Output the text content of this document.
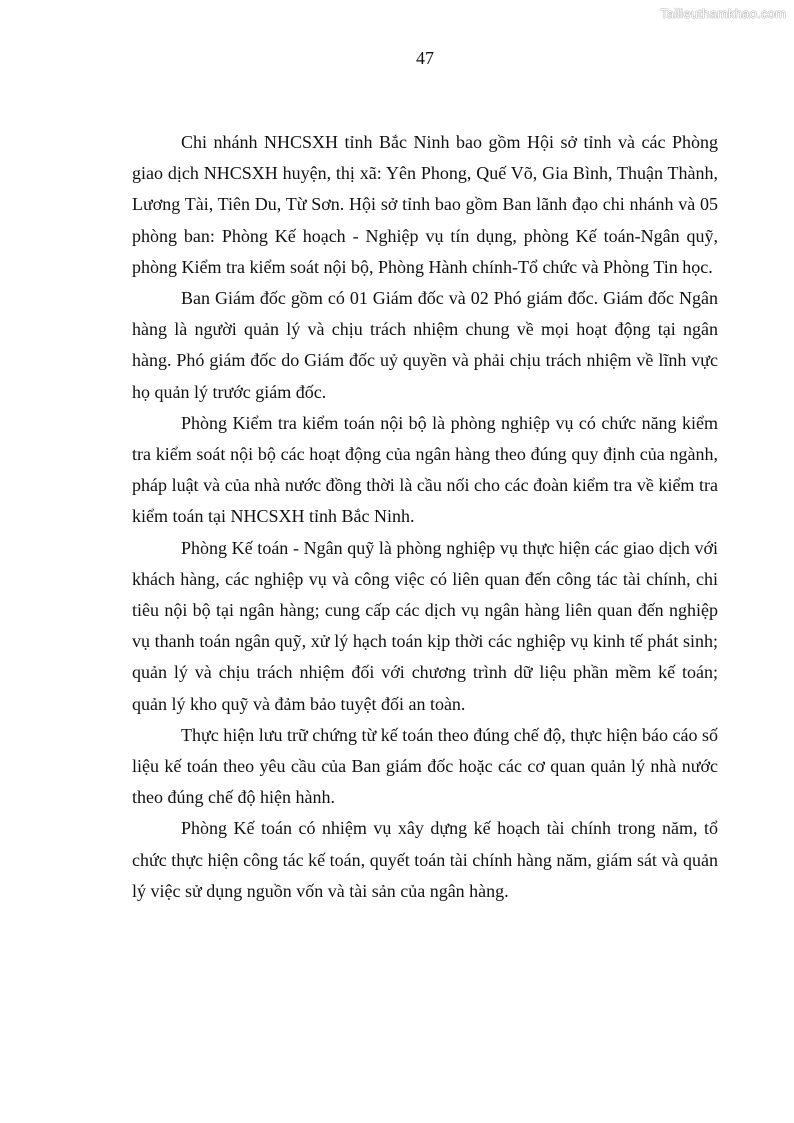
Tailieuthamkhao.com
47

Chi nhánh NHCSXH tỉnh Bắc Ninh bao gồm Hội sở tỉnh và các Phòng giao dịch NHCSXH huyện, thị xã: Yên Phong, Quế Võ, Gia Bình, Thuận Thành, Lương Tài, Tiên Du, Từ Sơn. Hội sở tỉnh bao gồm Ban lãnh đạo chi nhánh và 05 phòng ban: Phòng Kế hoạch - Nghiệp vụ tín dụng, phòng Kế toán-Ngân quỹ, phòng Kiểm tra kiểm soát nội bộ, Phòng Hành chính-Tổ chức và Phòng Tin học.

Ban Giám đốc gồm có 01 Giám đốc và 02 Phó giám đốc. Giám đốc Ngân hàng là người quản lý và chịu trách nhiệm chung về mọi hoạt động tại ngân hàng. Phó giám đốc do Giám đốc uỷ quyền và phải chịu trách nhiệm về lĩnh vực họ quản lý trước giám đốc.

Phòng Kiểm tra kiểm toán nội bộ là phòng nghiệp vụ có chức năng kiểm tra kiểm soát nội bộ các hoạt động của ngân hàng theo đúng quy định của ngành, pháp luật và của nhà nước đồng thời là cầu nối cho các đoàn kiểm tra về kiểm tra kiểm toán tại NHCSXH tỉnh Bắc Ninh.

Phòng Kế toán - Ngân quỹ là phòng nghiệp vụ thực hiện các giao dịch với khách hàng, các nghiệp vụ và công việc có liên quan đến công tác tài chính, chi tiêu nội bộ tại ngân hàng; cung cấp các dịch vụ ngân hàng liên quan đến nghiệp vụ thanh toán ngân quỹ, xử lý hạch toán kịp thời các nghiệp vụ kinh tế phát sinh; quản lý và chịu trách nhiệm đối với chương trình dữ liệu phần mềm kế toán; quản lý kho quỹ và đảm bảo tuyệt đối an toàn.

Thực hiện lưu trữ chứng từ kế toán theo đúng chế độ, thực hiện báo cáo số liệu kế toán theo yêu cầu của Ban giám đốc hoặc các cơ quan quản lý nhà nước theo đúng chế độ hiện hành.

Phòng Kế toán có nhiệm vụ xây dựng kế hoạch tài chính trong năm, tổ chức thực hiện công tác kế toán, quyết toán tài chính hàng năm, giám sát và quản lý việc sử dụng nguồn vốn và tài sản của ngân hàng.
